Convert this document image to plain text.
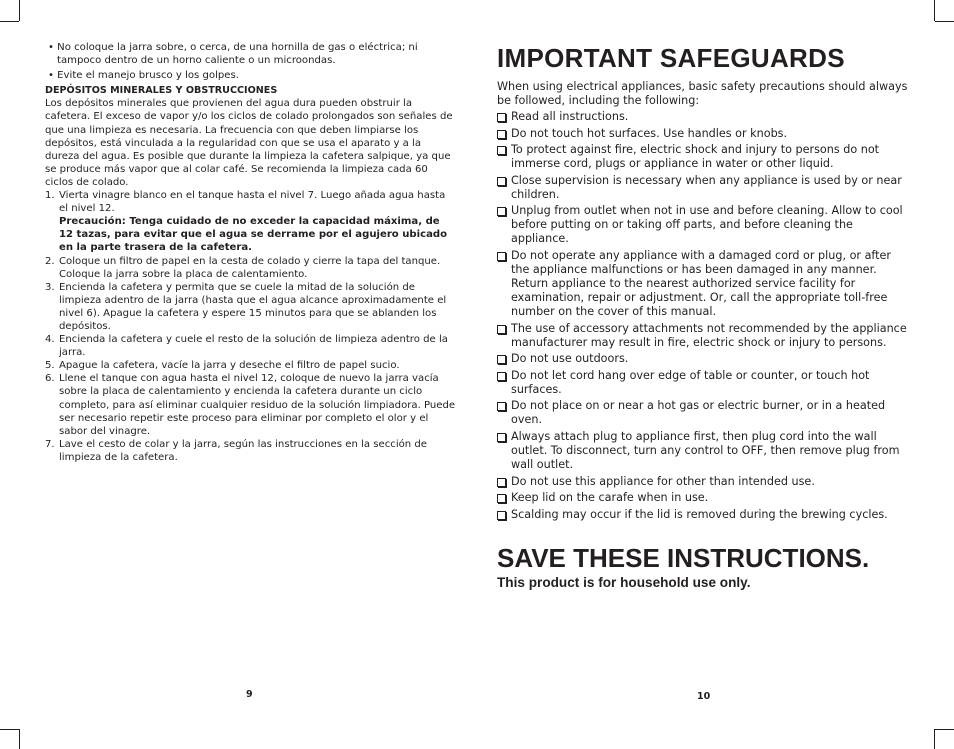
• No coloque la jarra sobre, o cerca, de una hornilla de gas o eléctrica; ni tampoco dentro de un horno caliente o un microondas.
• Evite el manejo brusco y los golpes.
DEPÓSITOS MINERALES Y OBSTRUCCIONES

Los depósitos minerales que provienen del agua dura pueden obstruir la cafetera. El exceso de vapor y/o los ciclos de colado prolongados son señales de que una limpieza es necesaria. La frecuencia con que deben limpiarse los depósitos, está vinculada a la regularidad con que se usa el aparato y a la dureza del agua. Es posible que durante la limpieza la cafetera salpique, ya que se produce más vapor que al colar café. Se recomienda la limpieza cada 60 ciclos de colado.

1. Vierta vinagre blanco en el tanque hasta el nivel 7. Luego añada agua hasta el nivel 12.
Precaución: Tenga cuidado de no exceder la capacidad máxima, de 12 tazas, para evitar que el agua se derrame por el agujero ubicado en la parte trasera de la cafetera.
2. Coloque un filtro de papel en la cesta de colado y cierre la tapa del tanque. Coloque la jarra sobre la placa de calentamiento.
3. Encienda la cafetera y permita que se cuele la mitad de la solución de limpieza adentro de la jarra (hasta que el agua alcance aproximadamente el nivel 6). Apague la cafetera y espere 15 minutos para que se ablanden los depósitos.
4. Encienda la cafetera y cuele el resto de la solución de limpieza adentro de la jarra.
5. Apague la cafetera, vacíe la jarra y deseche el filtro de papel sucio.
6. Llene el tanque con agua hasta el nivel 12, coloque de nuevo la jarra vacía sobre la placa de calentamiento y encienda la cafetera durante un ciclo completo, para así eliminar cualquier residuo de la solución limpiadora. Puede ser necesario repetir este proceso para eliminar por completo el olor y el sabor del vinagre.
7. Lave el cesto de colar y la jarra, según las instrucciones en la sección de limpieza de la cafetera.
9
IMPORTANT SAFEGUARDS
When using electrical appliances, basic safety precautions should always be followed, including the following:
Read all instructions.
Do not touch hot surfaces. Use handles or knobs.
To protect against fire, electric shock and injury to persons do not immerse cord, plugs or appliance in water or other liquid.
Close supervision is necessary when any appliance is used by or near children.
Unplug from outlet when not in use and before cleaning. Allow to cool before putting on or taking off parts, and before cleaning the appliance.
Do not operate any appliance with a damaged cord or plug, or after the appliance malfunctions or has been damaged in any manner. Return appliance to the nearest authorized service facility for examination, repair or adjustment. Or, call the appropriate toll-free number on the cover of this manual.
The use of accessory attachments not recommended by the appliance manufacturer may result in fire, electric shock or injury to persons.
Do not use outdoors.
Do not let cord hang over edge of table or counter, or touch hot surfaces.
Do not place on or near a hot gas or electric burner, or in a heated oven.
Always attach plug to appliance first, then plug cord into the wall outlet. To disconnect, turn any control to OFF, then remove plug from wall outlet.
Do not use this appliance for other than intended use.
Keep lid on the carafe when in use.
Scalding may occur if the lid is removed during the brewing cycles.
SAVE THESE INSTRUCTIONS.
This product is for household use only.
10
